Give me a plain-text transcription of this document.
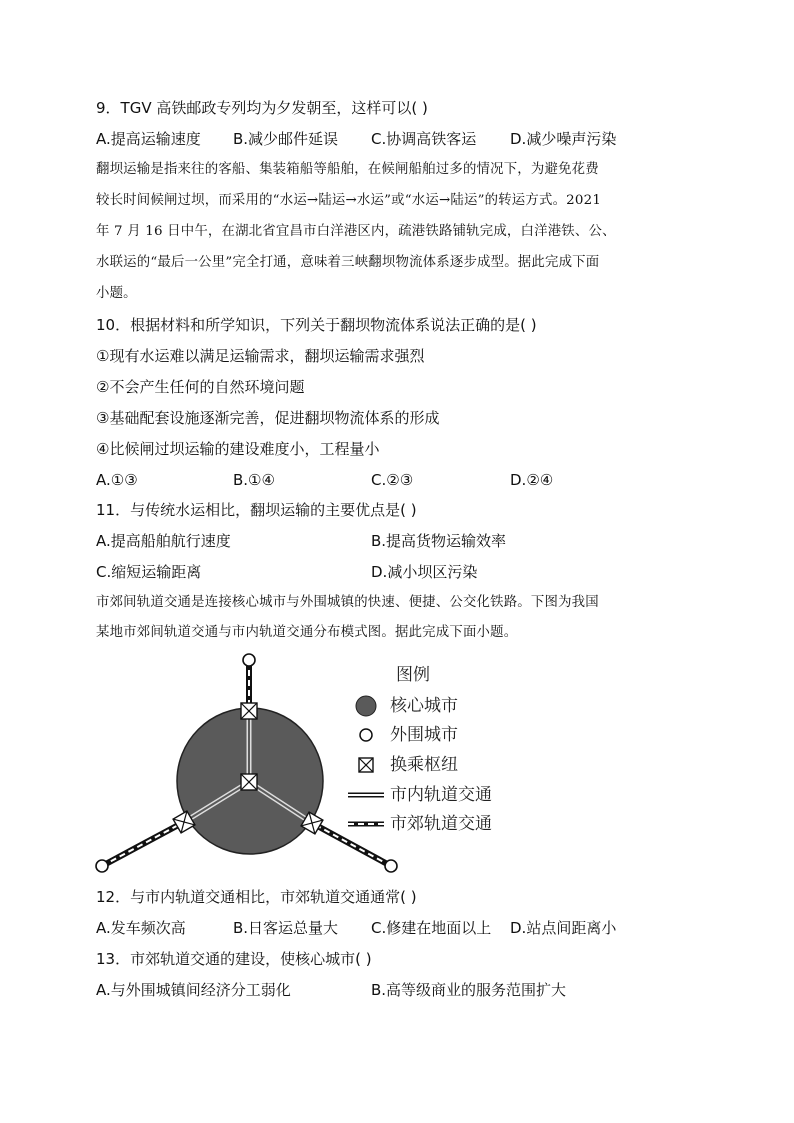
9．TGV 高铁邮政专列均为夕发朝至，这样可以( )
A.提高运输速度 B.减少邮件延误 C.协调高铁客运 D.减少噪声污染
翻坝运输是指来往的客船、集装箱船等船舶，在候闸船舶过多的情况下，为避免花费
较长时间候闸过坝，而采用的“水运→陆运→水运”或“水运→陆运”的转运方式。2021
年 7 月 16 日中午，在湖北省宜昌市白洋港区内，疏港铁路铺轨完成，白洋港铁、公、
水联运的“最后一公里”完全打通，意味着三峡翻坝物流体系逐步成型。据此完成下面
小题。
10．根据材料和所学知识，下列关于翻坝物流体系说法正确的是( )
①现有水运难以满足运输需求，翻坝运输需求强烈
②不会产生任何的自然环境问题
③基础配套设施逐渐完善，促进翻坝物流体系的形成
④比候闸过坝运输的建设难度小，工程量小
A.①③	B.①④	C.②③	D.②④
11．与传统水运相比，翻坝运输的主要优点是( )
A.提高船舶航行速度	B.提高货物运输效率
C.缩短运输距离	D.减小坝区污染
市郊间轨道交通是连接核心城市与外围城镇的快速、便捷、公交化铁路。下图为我国
某地市郊间轨道交通与市内轨道交通分布模式图。据此完成下面小题。
图例
核心城市
外围城市
换乘枢纽
市内轨道交通
市郊轨道交通
12．与市内轨道交通相比，市郊轨道交通通常( )
A.发车频次高	B.日客运总量大 C.修建在地面以上 D.站点间距离小
13．市郊轨道交通的建设，使核心城市( )
A.与外围城镇间经济分工弱化	B.高等级商业的服务范围扩大
